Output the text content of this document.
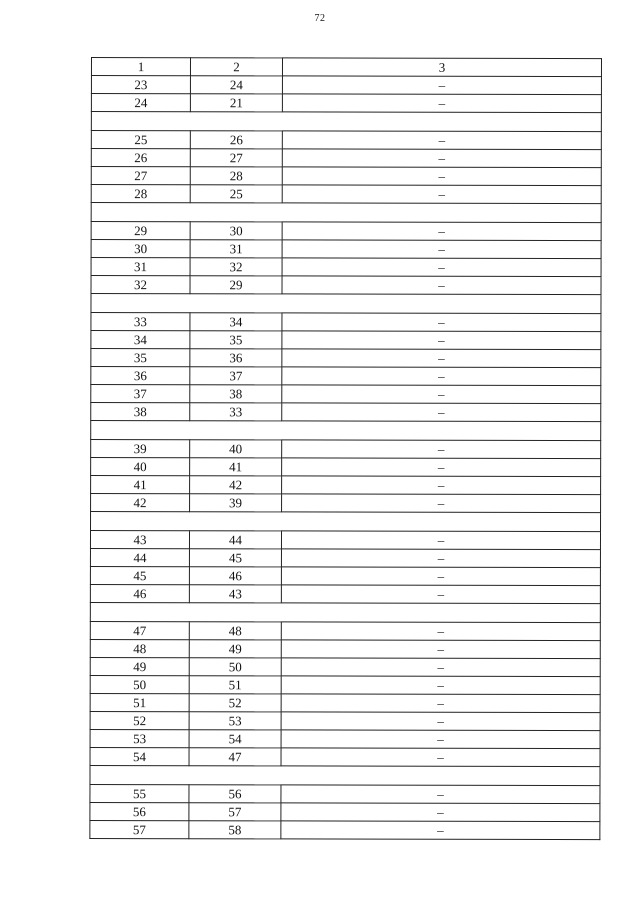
72
1	2	3
23	24	–
24	21	–

25	26	–
26	27	–
27	28	–
28	25	–

29	30	–
30	31	–
31	32	–
32	29	–

33	34	–
34	35	–
35	36	–
36	37	–
37	38	–
38	33	–

39	40	–
40	41	–
41	42	–
42	39	–

43	44	–
44	45	–
45	46	–
46	43	–

47	48	–
48	49	–
49	50	–
50	51	–
51	52	–
52	53	–
53	54	–
54	47	–

55	56	–
56	57	–
57	58	–
